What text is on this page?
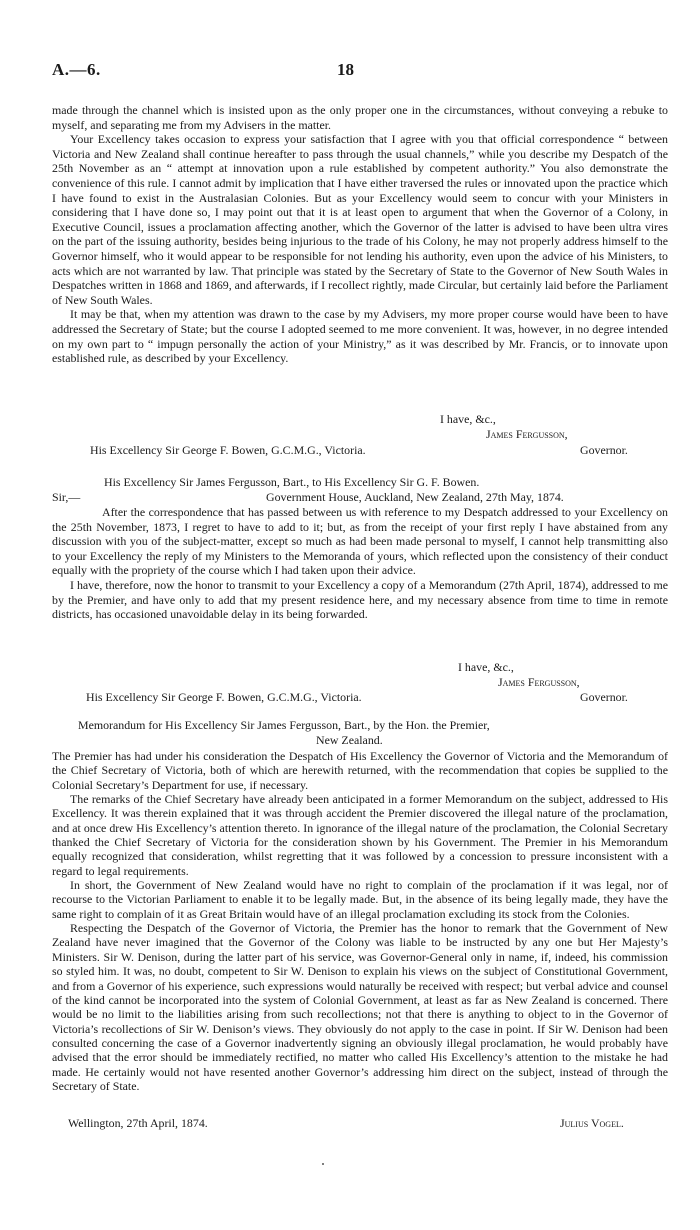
A.—6.	18

made through the channel which is insisted upon as the only proper one in the circumstances, without conveying a rebuke to myself, and separating me from my Advisers in the matter.

Your Excellency takes occasion to express your satisfaction that I agree with you that official correspondence “ between Victoria and New Zealand shall continue hereafter to pass through the usual channels,” while you describe my Despatch of the 25th November as an “ attempt at innovation upon a rule established by competent authority.” You also demonstrate the convenience of this rule. I cannot admit by implication that I have either traversed the rules or innovated upon the practice which I have found to exist in the Australasian Colonies. But as your Excellency would seem to concur with your Ministers in considering that I have done so, I may point out that it is at least open to argument that when the Governor of a Colony, in Executive Council, issues a proclamation affecting another, which the Governor of the latter is advised to have been ultra vires on the part of the issuing authority, besides being injurious to the trade of his Colony, he may not properly address himself to the Governor himself, who it would appear to be responsible for not lending his authority, even upon the advice of his Ministers, to acts which are not warranted by law. That principle was stated by the Secretary of State to the Governor of New South Wales in Despatches written in 1868 and 1869, and afterwards, if I recollect rightly, made Circular, but certainly laid before the Parliament of New South Wales.

It may be that, when my attention was drawn to the case by my Advisers, my more proper course would have been to have addressed the Secretary of State; but the course I adopted seemed to me more convenient. It was, however, in no degree intended on my own part to “ impugn personally the action of your Ministry,” as it was described by Mr. Francis, or to innovate upon established rule, as described by your Excellency.

I have, &c.,
James Fergusson,
His Excellency Sir George F. Bowen, G.C.M.G., Victoria.	Governor.
His Excellency Sir James Fergusson, Bart., to His Excellency Sir G. F. Bowen.
Sir,—	Government House, Auckland, New Zealand, 27th May, 1874.

After the correspondence that has passed between us with reference to my Despatch addressed to your Excellency on the 25th November, 1873, I regret to have to add to it; but, as from the receipt of your first reply I have abstained from any discussion with you of the subject-matter, except so much as had been made personal to myself, I cannot help transmitting also to your Excellency the reply of my Ministers to the Memoranda of yours, which reflected upon the consistency of their conduct equally with the propriety of the course which I had taken upon their advice.

I have, therefore, now the honor to transmit to your Excellency a copy of a Memorandum (27th April, 1874), addressed to me by the Premier, and have only to add that my present residence here, and my necessary absence from time to time in remote districts, has occasioned unavoidable delay in its being forwarded.

I have, &c.,
James Fergusson,
His Excellency Sir George F. Bowen, G.C.M.G., Victoria.	Governor.
Memorandum for His Excellency Sir James Fergusson, Bart., by the Hon. the Premier,
New Zealand.

The Premier has had under his consideration the Despatch of His Excellency the Governor of Victoria and the Memorandum of the Chief Secretary of Victoria, both of which are herewith returned, with the recommendation that copies be supplied to the Colonial Secretary’s Department for use, if necessary.

The remarks of the Chief Secretary have already been anticipated in a former Memorandum on the subject, addressed to His Excellency. It was therein explained that it was through accident the Premier discovered the illegal nature of the proclamation, and at once drew His Excellency’s attention thereto. In ignorance of the illegal nature of the proclamation, the Colonial Secretary thanked the Chief Secretary of Victoria for the consideration shown by his Government. The Premier in his Memorandum equally recognized that consideration, whilst regretting that it was followed by a concession to pressure inconsistent with a regard to legal requirements.

In short, the Government of New Zealand would have no right to complain of the proclamation if it was legal, nor of recourse to the Victorian Parliament to enable it to be legally made. But, in the absence of its being legally made, they have the same right to complain of it as Great Britain would have of an illegal proclamation excluding its stock from the Colonies.

Respecting the Despatch of the Governor of Victoria, the Premier has the honor to remark that the Government of New Zealand have never imagined that the Governor of the Colony was liable to be instructed by any one but Her Majesty’s Ministers. Sir W. Denison, during the latter part of his service, was Governor-General only in name, if, indeed, his commission so styled him. It was, no doubt, competent to Sir W. Denison to explain his views on the subject of Constitutional Government, and from a Governor of his experience, such expressions would naturally be received with respect; but verbal advice and counsel of the kind cannot be incorporated into the system of Colonial Government, at least as far as New Zealand is concerned. There would be no limit to the liabilities arising from such recollections; not that there is anything to object to in the Governor of Victoria’s recollections of Sir W. Denison’s views. They obviously do not apply to the case in point. If Sir W. Denison had been consulted concerning the case of a Governor inadvertently signing an obviously illegal proclamation, he would probably have advised that the error should be immediately rectified, no matter who called His Excellency’s attention to the mistake he had made. He certainly would not have resented another Governor’s addressing him direct on the subject, instead of through the Secretary of State.

Wellington, 27th April, 1874.	Julius Vogel.
